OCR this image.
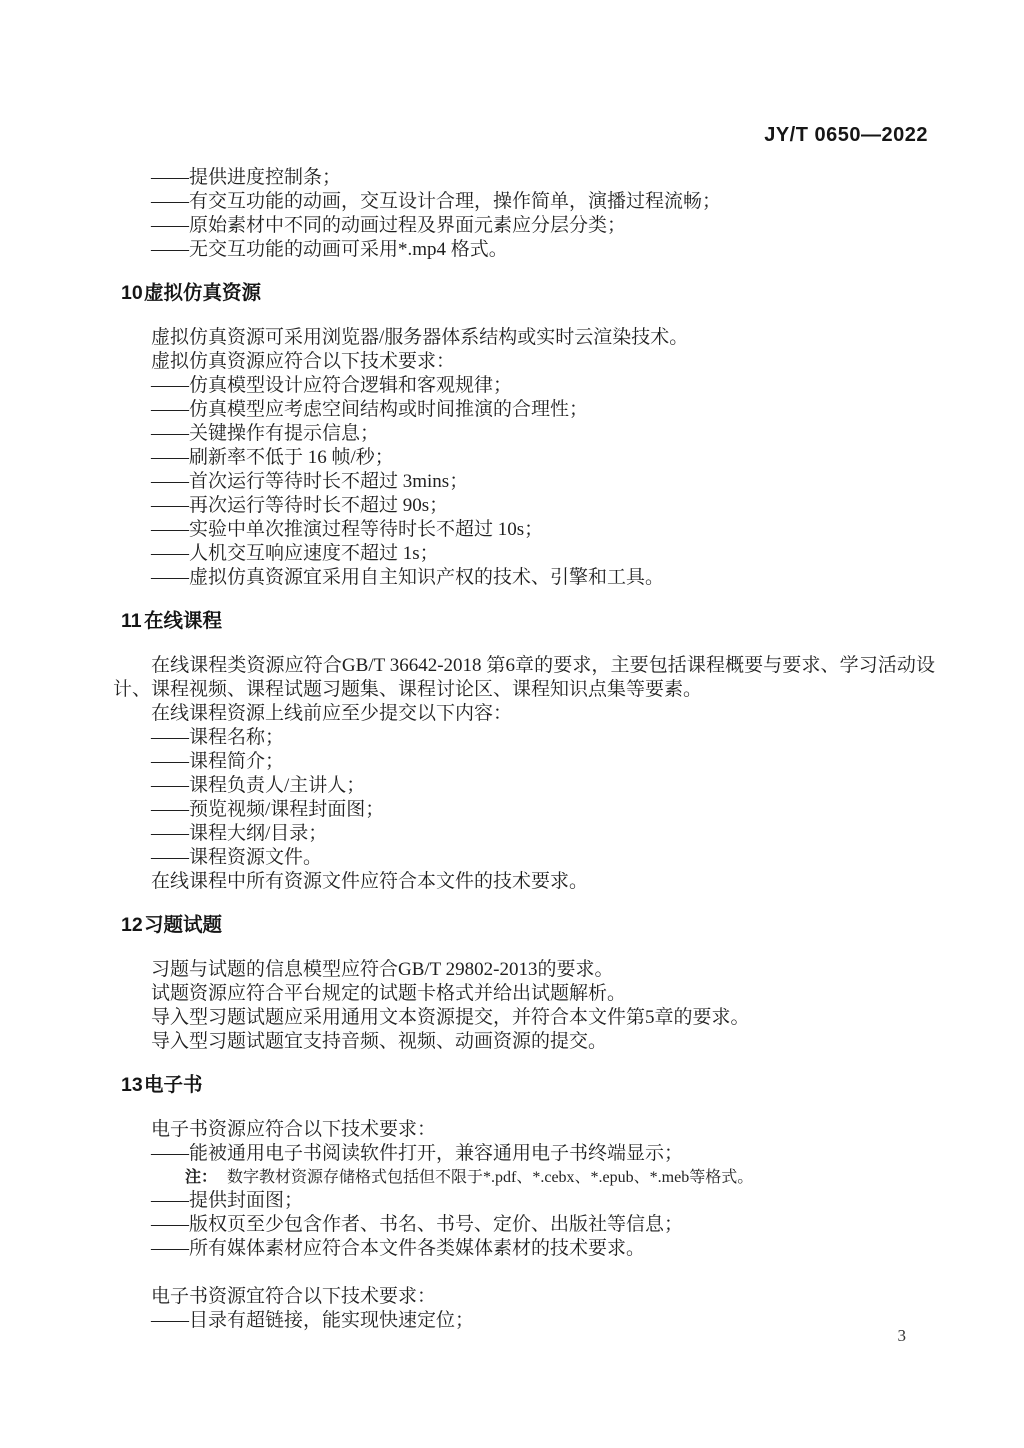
JY/T 0650—2022
——提供进度控制条；
——有交互功能的动画，交互设计合理，操作简单，演播过程流畅；
——原始素材中不同的动画过程及界面元素应分层分类；
——无交互功能的动画可采用*.mp4 格式。
10虚拟仿真资源
虚拟仿真资源可采用浏览器/服务器体系结构或实时云渲染技术。
虚拟仿真资源应符合以下技术要求：
——仿真模型设计应符合逻辑和客观规律；
——仿真模型应考虑空间结构或时间推演的合理性；
——关键操作有提示信息；
——刷新率不低于 16 帧/秒；
——首次运行等待时长不超过 3mins；
——再次运行等待时长不超过 90s；
——实验中单次推演过程等待时长不超过 10s；
——人机交互响应速度不超过 1s；
——虚拟仿真资源宜采用自主知识产权的技术、引擎和工具。
11 在线课程
在线课程类资源应符合GB/T 36642-2018 第6章的要求，主要包括课程概要与要求、学习活动设计、课程视频、课程试题习题集、课程讨论区、课程知识点集等要素。
在线课程资源上线前应至少提交以下内容：
——课程名称；
——课程简介；
——课程负责人/主讲人；
——预览视频/课程封面图；
——课程大纲/目录；
——课程资源文件。
在线课程中所有资源文件应符合本文件的技术要求。
12习题试题
习题与试题的信息模型应符合GB/T 29802-2013的要求。
试题资源应符合平台规定的试题卡格式并给出试题解析。
导入型习题试题应采用通用文本资源提交，并符合本文件第5章的要求。
导入型习题试题宜支持音频、视频、动画资源的提交。
13电子书
电子书资源应符合以下技术要求：
——能被通用电子书阅读软件打开，兼容通用电子书终端显示；
注： 数字教材资源存储格式包括但不限于*.pdf、*.cebx、*.epub、*.meb等格式。
——提供封面图；
——版权页至少包含作者、书名、书号、定价、出版社等信息；
——所有媒体素材应符合本文件各类媒体素材的技术要求。
电子书资源宜符合以下技术要求：
——目录有超链接，能实现快速定位；
3
